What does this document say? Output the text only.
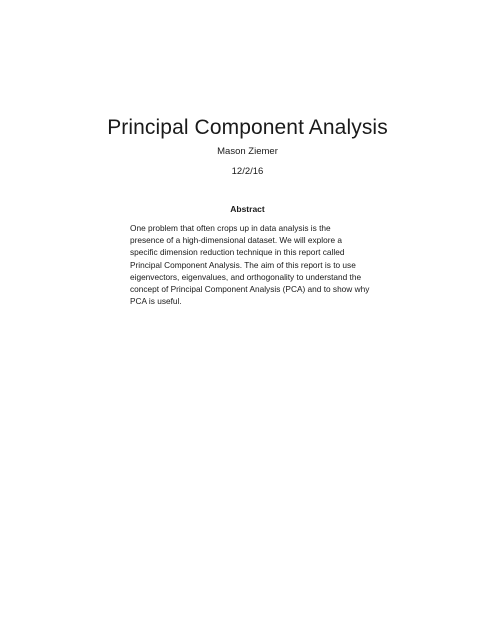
Principal Component Analysis
Mason Ziemer
12/2/16
Abstract
One problem that often crops up in data analysis is the
presence of a high-dimensional dataset. We will explore a
specific dimension reduction technique in this report called
Principal Component Analysis. The aim of this report is to use
eigenvectors, eigenvalues, and orthogonality to understand the
concept of Principal Component Analysis (PCA) and to show why
PCA is useful.
